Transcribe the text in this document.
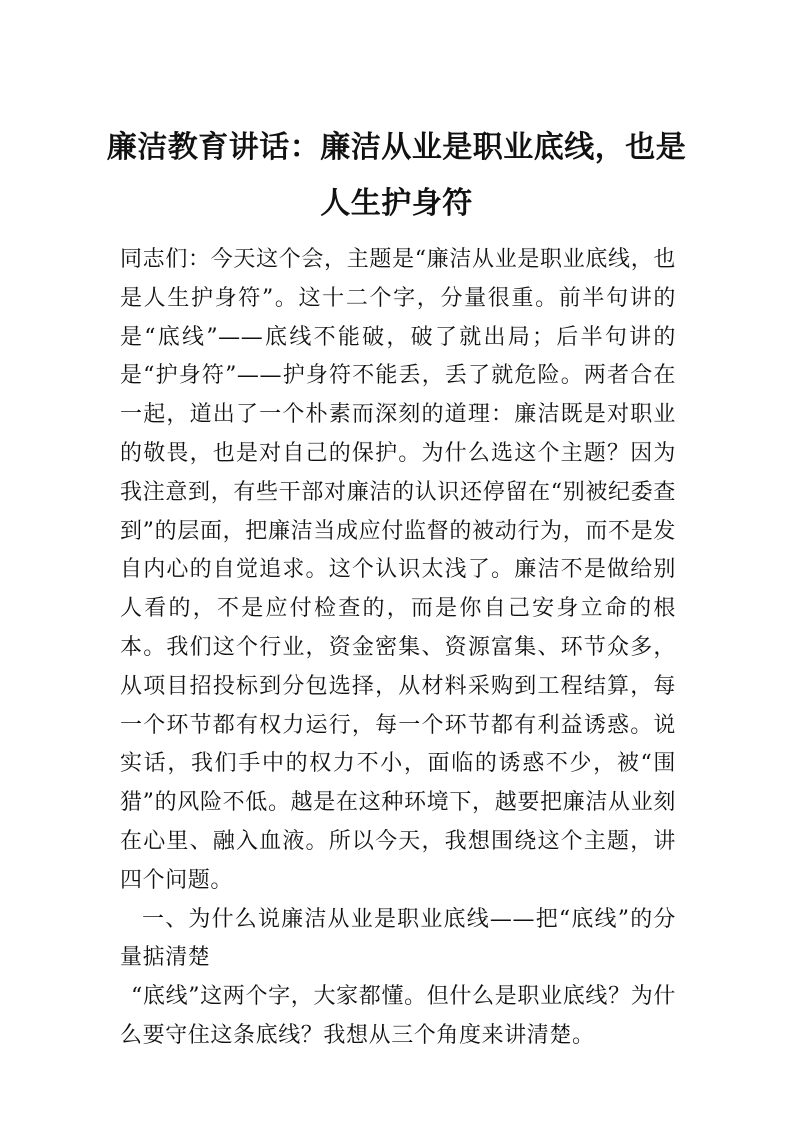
廉洁教育讲话：廉洁从业是职业底线，也是
人生护身符

同志们：今天这个会，主题是“廉洁从业是职业底线，也是人生护身符”。这十二个字，分量很重。前半句讲的是“底线”——底线不能破，破了就出局；后半句讲的是“护身符”——护身符不能丢，丢了就危险。两者合在一起，道出了一个朴素而深刻的道理：廉洁既是对职业的敬畏，也是对自己的保护。为什么选这个主题？因为我注意到，有些干部对廉洁的认识还停留在“别被纪委查到”的层面，把廉洁当成应付监督的被动行为，而不是发自内心的自觉追求。这个认识太浅了。廉洁不是做给别人看的，不是应付检查的，而是你自己安身立命的根本。我们这个行业，资金密集、资源富集、环节众多，从项目招投标到分包选择，从材料采购到工程结算，每一个环节都有权力运行，每一个环节都有利益诱惑。说实话，我们手中的权力不小，面临的诱惑不少，被“围猎”的风险不低。越是在这种环境下，越要把廉洁从业刻在心里、融入血液。所以今天，我想围绕这个主题，讲四个问题。

一、为什么说廉洁从业是职业底线——把“底线”的分量掂清楚

“底线”这两个字，大家都懂。但什么是职业底线？为什么要守住这条底线？我想从三个角度来讲清楚。
